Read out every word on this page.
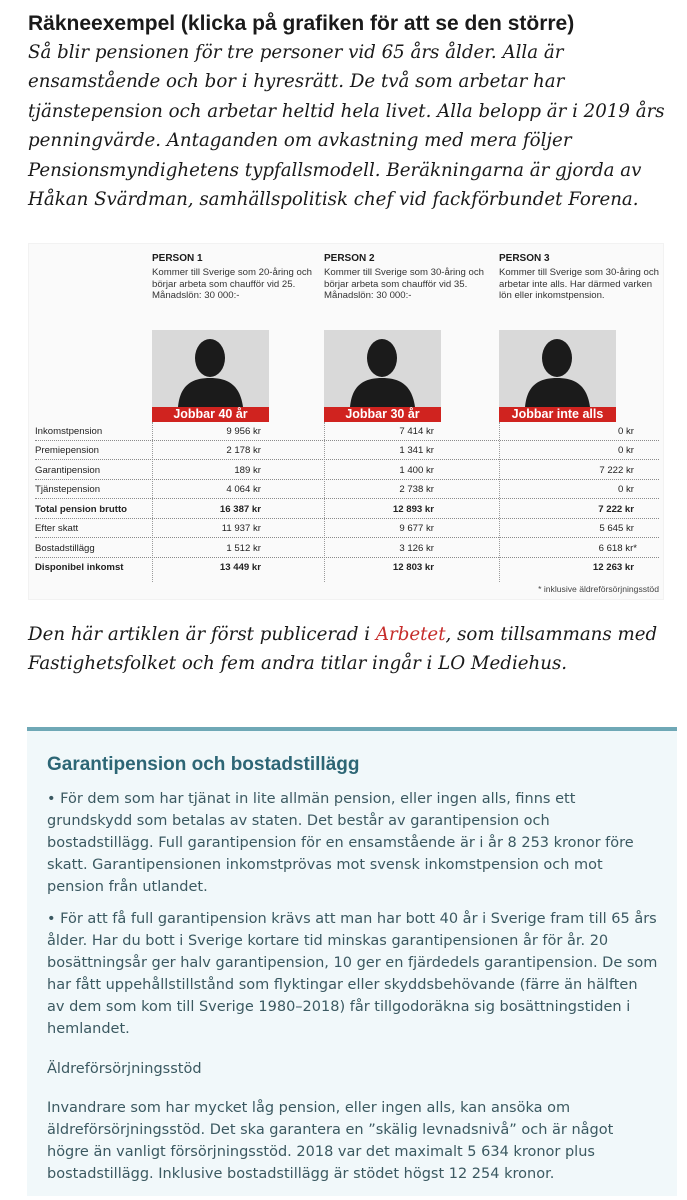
Räkneexempel (klicka på grafiken för att se den större)
Så blir pensionen för tre personer vid 65 års ålder. Alla är ensamstående och bor i hyresrätt. De två som arbetar har tjänstepension och arbetar heltid hela livet. Alla belopp är i 2019 års penningvärde. Antaganden om avkastning med mera följer Pensionsmyndighetens typfallsmodell. Beräkningarna är gjorda av Håkan Svärdman, samhällspolitisk chef vid fackförbundet Forena.
PERSON 1
Kommer till Sverige som 20-åring och börjar arbeta som chaufför vid 25. Månadslön: 30 000:-
PERSON 2
Kommer till Sverige som 30-åring och börjar arbeta som chaufför vid 35. Månadslön: 30 000:-
PERSON 3
Kommer till Sverige som 30-åring och arbetar inte alls. Har därmed varken lön eller inkomstpension.
Jobbar 40 år	Jobbar 30 år	Jobbar inte alls
Inkomstpension	9 956 kr	7 414 kr	0 kr
Premiepension	2 178 kr	1 341 kr	0 kr
Garantipension	189 kr	1 400 kr	7 222 kr
Tjänstepension	4 064 kr	2 738 kr	0 kr
Total pension brutto	16 387 kr	12 893 kr	7 222 kr
Efter skatt	11 937 kr	9 677 kr	5 645 kr
Bostadstillägg	1 512 kr	3 126 kr	6 618 kr*
Disponibel inkomst	13 449 kr	12 803 kr	12 263 kr
* inklusive äldreförsörjningsstöd
Den här artiklen är först publicerad i Arbetet, som tillsammans med Fastighetsfolket och fem andra titlar ingår i LO Mediehus.
Garantipension och bostadstillägg
• För dem som har tjänat in lite allmän pension, eller ingen alls, finns ett grundskydd som betalas av staten. Det består av garantipension och bostadstillägg. Full garantipension för en ensamstående är i år 8 253 kronor före skatt. Garantipensionen inkomstprövas mot svensk inkomstpension och mot pension från utlandet.
• För att få full garantipension krävs att man har bott 40 år i Sverige fram till 65 års ålder. Har du bott i Sverige kortare tid minskas garantipensionen år för år. 20 bosättningsår ger halv garantipension, 10 ger en fjärdedels garantipension. De som har fått uppehållstillstånd som flyktingar eller skyddsbehövande (färre än hälften av dem som kom till Sverige 1980–2018) får tillgodoräkna sig bosättningstiden i hemlandet.
Äldreförsörjningsstöd
Invandrare som har mycket låg pension, eller ingen alls, kan ansöka om äldreförsörjningsstöd. Det ska garantera en ”skälig levnadsnivå” och är något högre än vanligt försörjningsstöd. 2018 var det maximalt 5 634 kronor plus bostadstillägg. Inklusive bostadstillägg är stödet högst 12 254 kronor.
